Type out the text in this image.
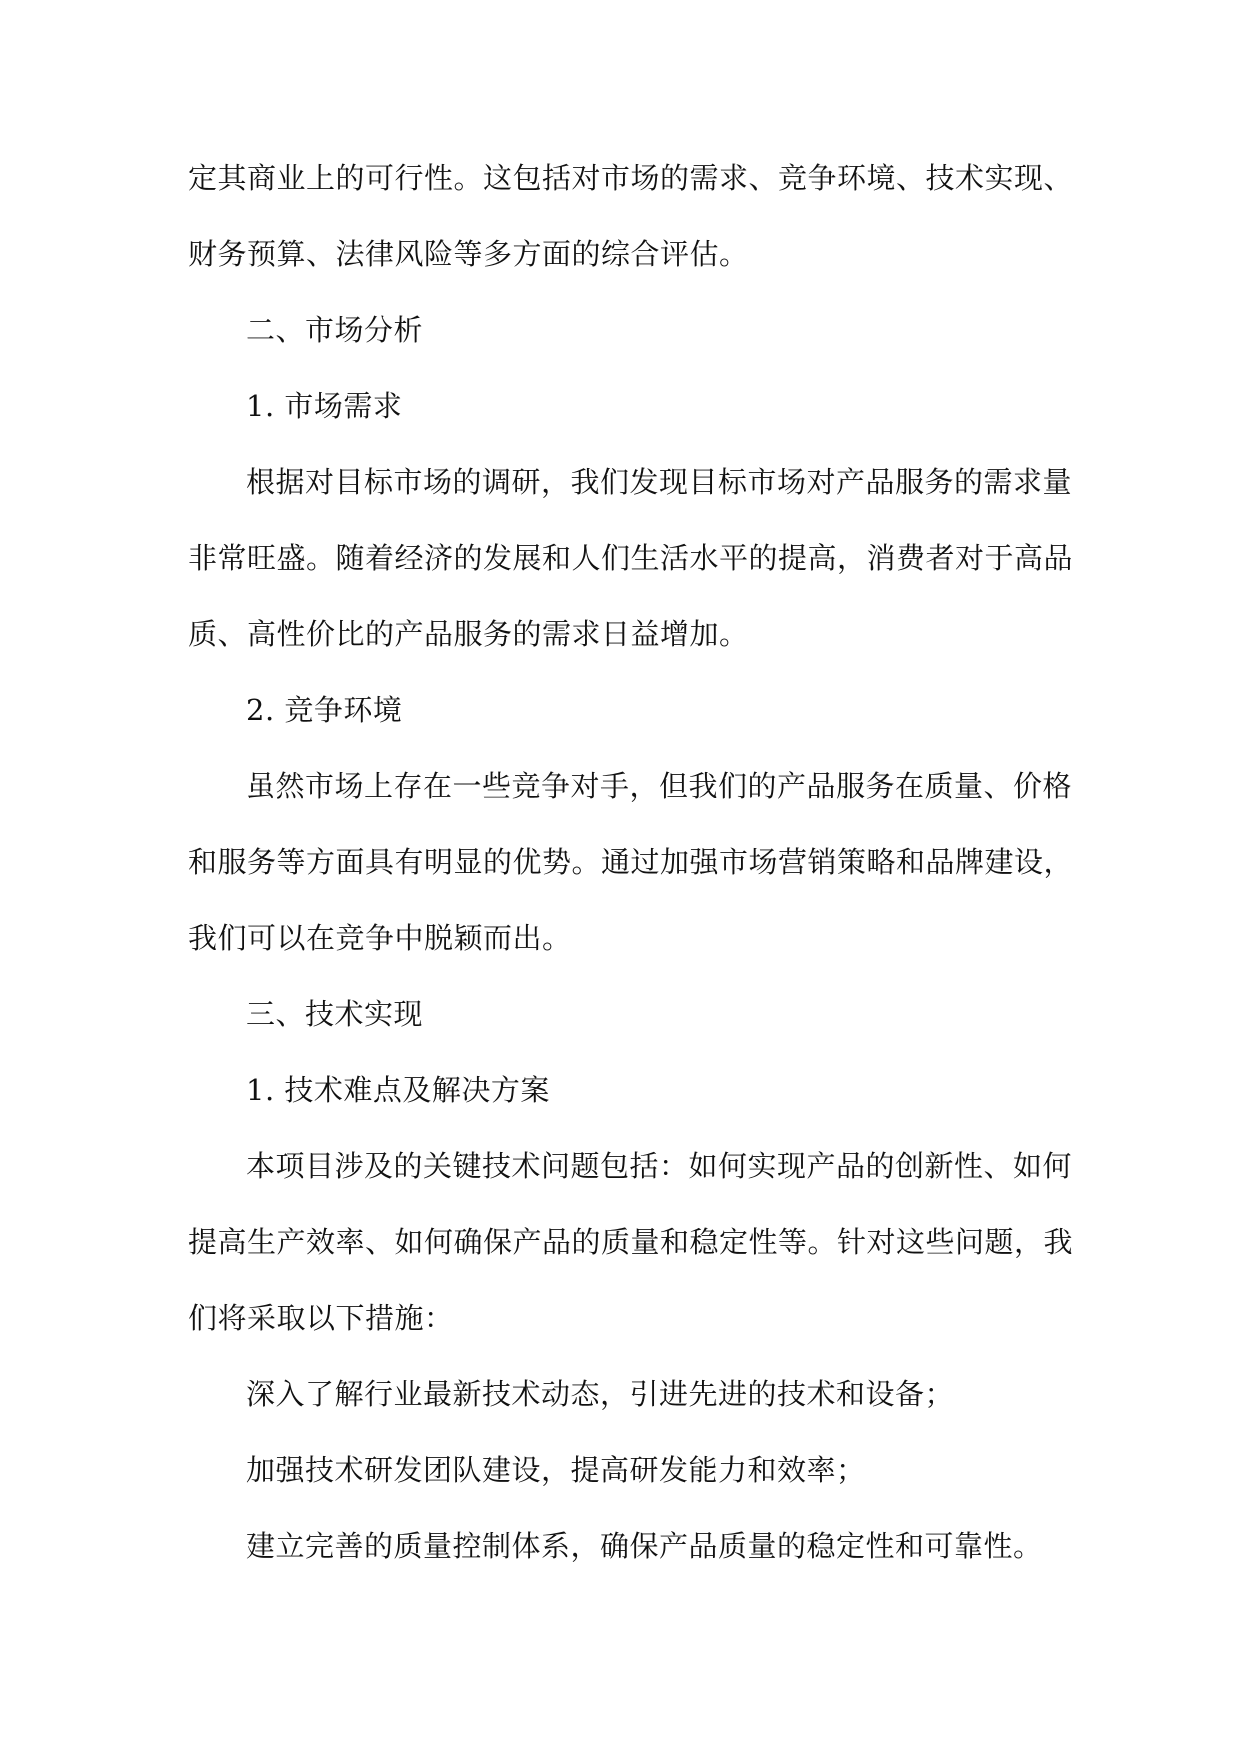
定其商业上的可行性。这包括对市场的需求、竞争环境、技术实现、
财务预算、法律风险等多方面的综合评估。
二、市场分析
1. 市场需求
根据对目标市场的调研，我们发现目标市场对产品服务的需求量
非常旺盛。随着经济的发展和人们生活水平的提高，消费者对于高品
质、高性价比的产品服务的需求日益增加。
2. 竞争环境
虽然市场上存在一些竞争对手，但我们的产品服务在质量、价格
和服务等方面具有明显的优势。通过加强市场营销策略和品牌建设，
我们可以在竞争中脱颖而出。
三、技术实现
1. 技术难点及解决方案
本项目涉及的关键技术问题包括：如何实现产品的创新性、如何
提高生产效率、如何确保产品的质量和稳定性等。针对这些问题，我
们将采取以下措施：
深入了解行业最新技术动态，引进先进的技术和设备；
加强技术研发团队建设，提高研发能力和效率；
建立完善的质量控制体系，确保产品质量的稳定性和可靠性。
